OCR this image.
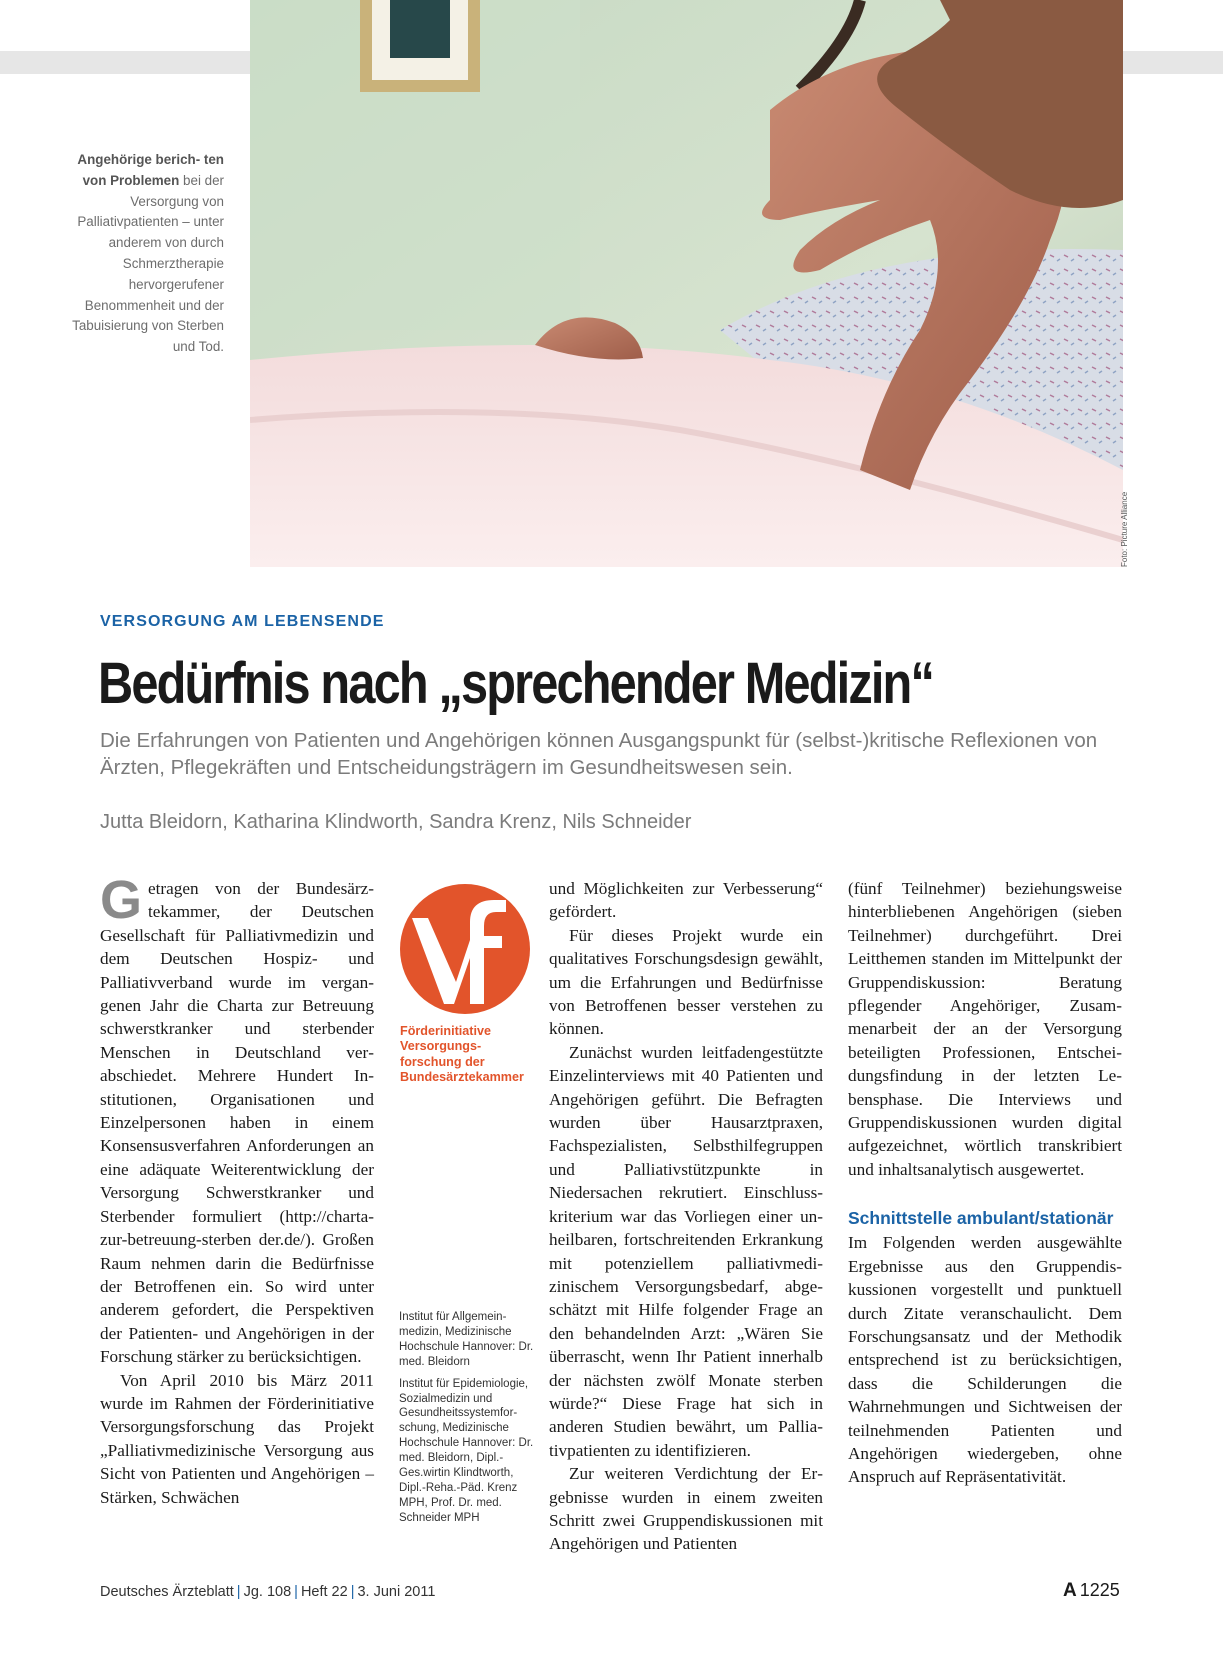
Foto: Picture Alliance
Angehörige berich- ten von Problemen bei der Versorgung von Palliativpatienten – unter anderem von durch Schmerztherapie hervorgerufener Benommenheit und der Tabuisierung von Sterben und Tod.
VERSORGUNG AM LEBENSENDE
Bedürfnis nach „sprechender Medizin“
Die Erfahrungen von Patienten und Angehörigen können Ausgangspunkt für (selbst-)kritische Reflexionen von Ärzten, Pflegekräften und Entscheidungsträgern im Gesundheitswesen sein.
Jutta Bleidorn, Katharina Klindworth, Sandra Krenz, Nils Schneider

Getragen von der Bundesärztekammer, der Deutschen Gesellschaft für Palliativmedizin und dem Deutschen Hospiz- und Palliativverband wurde im vergangenen Jahr die Charta zur Betreuung schwerstkranker und sterbender Menschen in Deutschland verabschiedet. Mehrere Hundert Institutionen, Organisationen und Einzelpersonen haben in einem Konsensusverfahren Anforderungen an eine adäquate Weiterentwicklung der Versorgung Schwerstkranker und Sterbender formuliert (http://charta-zur-betreuung-sterben der.de/). Großen Raum nehmen darin die Bedürfnisse der Betroffenen ein. So wird unter anderem gefordert, die Perspektiven der Patienten- und Angehörigen in der Forschung stärker zu berücksichtigen.

Von April 2010 bis März 2011 wurde im Rahmen der Förderinitiative Versorgungsforschung das Projekt „Palliativmedizinische Versorgung aus Sicht von Patienten und Angehörigen – Stärken, Schwächen

Förderinitiative
Versorgungs-
forschung der
Bundesärztekammer

Institut für Allgemeinmedizin, Medizinische Hochschule Hannover: Dr. med. Bleidorn

Institut für Epidemiologie, Sozialmedizin und Gesundheitssystemforschung, Medizinische Hochschule Hannover: Dr. med. Bleidorn, Dipl.-Ges.wirtin Klindtworth, Dipl.-Reha.-Päd. Krenz MPH, Prof. Dr. med. Schneider MPH

und Möglichkeiten zur Verbesserung“ gefördert.

Für dieses Projekt wurde ein qualitatives Forschungsdesign gewählt, um die Erfahrungen und Bedürfnisse von Betroffenen besser verstehen zu können.

Zunächst wurden leitfadengestützte Einzelinterviews mit 40 Patienten und Angehörigen geführt. Die Befragten wurden über Hausarztpraxen, Fachspezialisten, Selbsthilfegruppen und Palliativstützpunkte in Niedersachen rekrutiert. Einschlusskriterium war das Vorliegen einer unheilbaren, fortschreitenden Erkrankung mit potenziellem palliativmedizinischem Versorgungsbedarf, abgeschätzt mit Hilfe folgender Frage an den behandelnden Arzt: „Wären Sie überrascht, wenn Ihr Patient innerhalb der nächsten zwölf Monate sterben würde?“ Diese Frage hat sich in anderen Studien bewährt, um Palliativpatienten zu identifizieren.

Zur weiteren Verdichtung der Ergebnisse wurden in einem zweiten Schritt zwei Gruppendiskussionen mit Angehörigen und Patienten

(fünf Teilnehmer) beziehungsweise hinterbliebenen Angehörigen (sieben Teilnehmer) durchgeführt. Drei Leitthemen standen im Mittelpunkt der Gruppendiskussion: Beratung pflegender Angehöriger, Zusammenarbeit der an der Versorgung beteiligten Professionen, Entscheidungsfindung in der letzten Lebensphase. Die Interviews und Gruppendiskussionen wurden digital aufgezeichnet, wörtlich transkribiert und inhaltsanalytisch ausgewertet.

Schnittstelle ambulant/stationär

Im Folgenden werden ausgewählte Ergebnisse aus den Gruppendiskussionen vorgestellt und punktuell durch Zitate veranschaulicht. Dem Forschungsansatz und der Methodik entsprechend ist zu berücksichtigen, dass die Schilderungen die Wahrnehmungen und Sichtweisen der teilnehmenden Patienten und Angehörigen wiedergeben, ohne Anspruch auf Repräsentativität.

Deutsches Ärzteblatt | Jg. 108 | Heft 22 | 3. Juni 2011	A 1225
